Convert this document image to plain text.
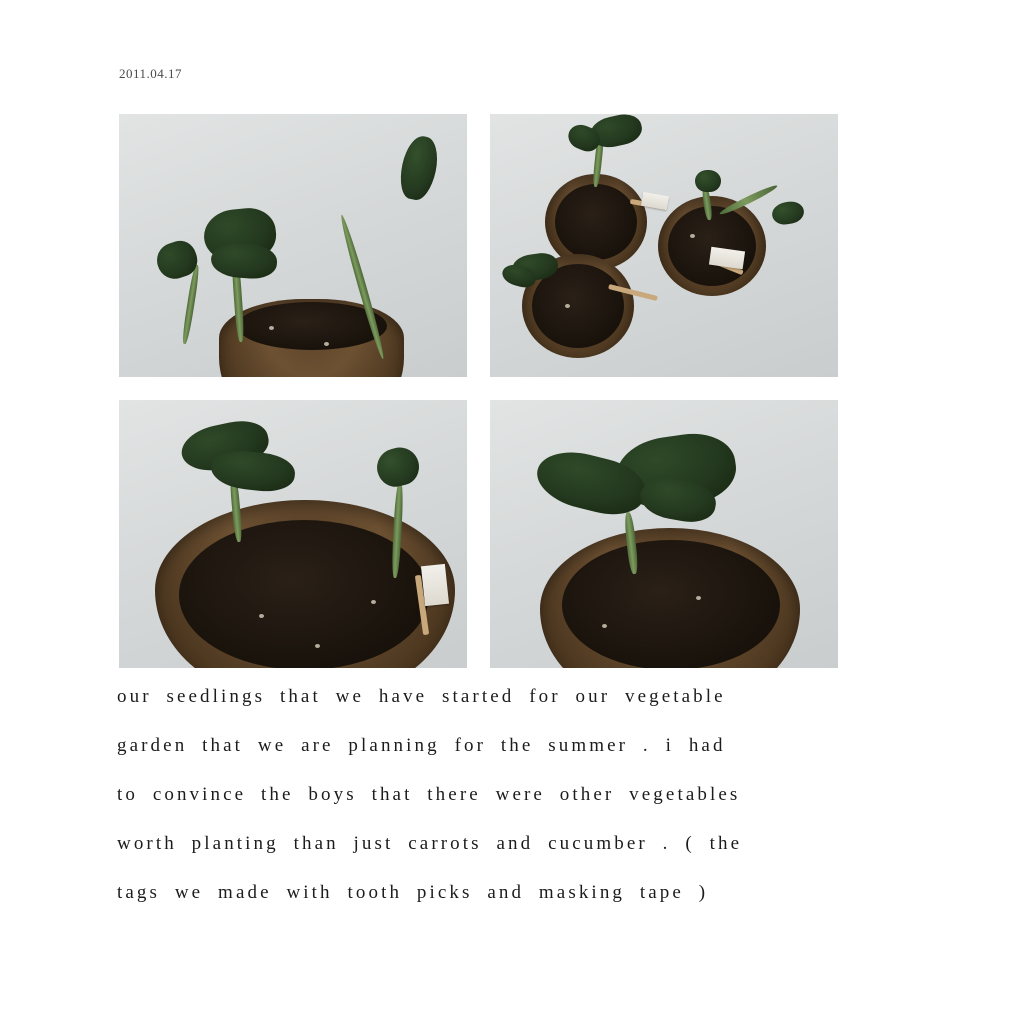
2011.04.17

our seedlings that we have started for our vegetable

garden that we are planning for the summer . i had

to convince the boys that there were other vegetables

worth planting than just carrots and cucumber . ( the

tags we made with tooth picks and masking tape )
